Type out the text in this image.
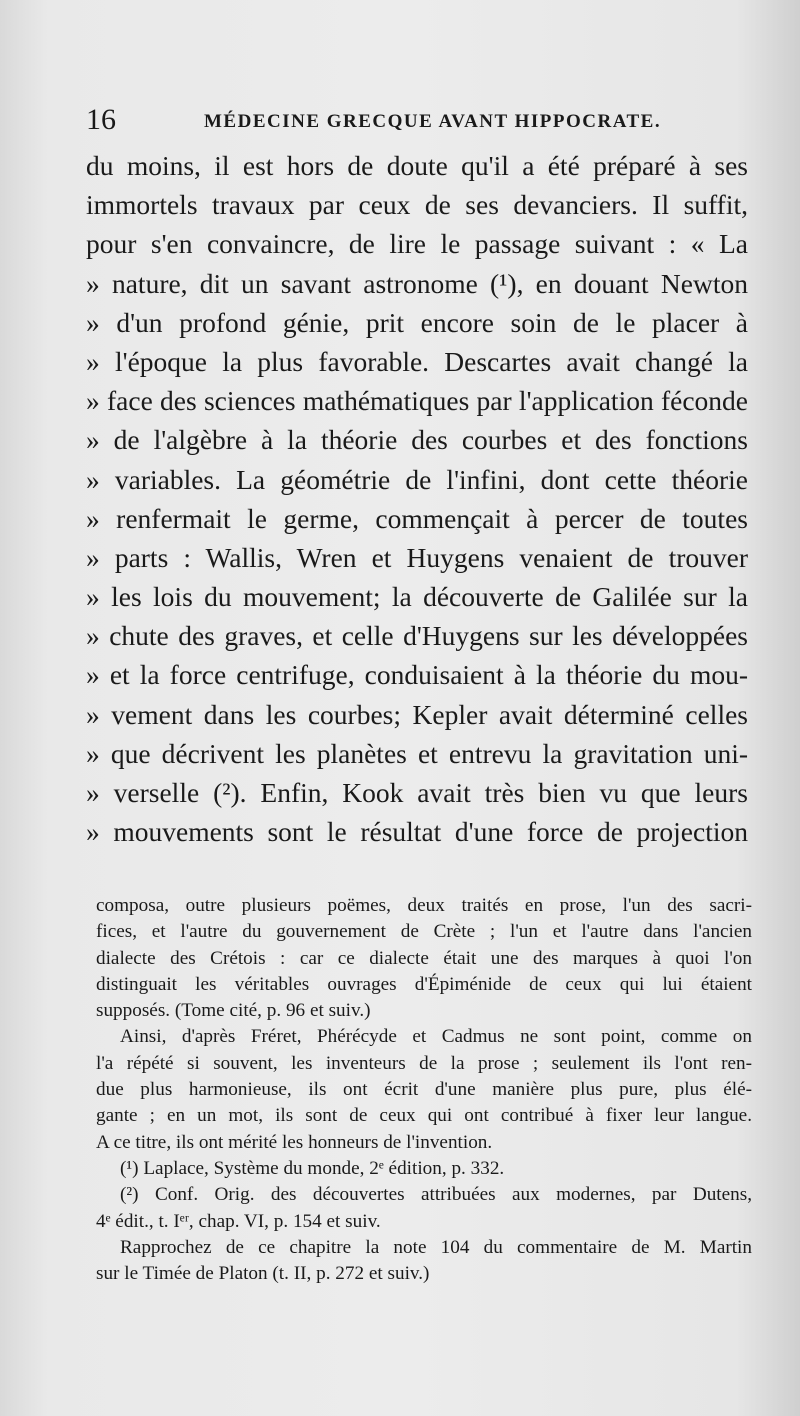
16	MÉDECINE GRECQUE AVANT HIPPOCRATE.
du moins, il est hors de doute qu'il a été préparé à ses
immortels travaux par ceux de ses devanciers. Il suffit,
pour s'en convaincre, de lire le passage suivant : « La
» nature, dit un savant astronome (¹), en douant Newton
» d'un profond génie, prit encore soin de le placer à
» l'époque la plus favorable. Descartes avait changé la
» face des sciences mathématiques par l'application féconde
» de l'algèbre à la théorie des courbes et des fonctions
» variables. La géométrie de l'infini, dont cette théorie
» renfermait le germe, commençait à percer de toutes
» parts : Wallis, Wren et Huygens venaient de trouver
» les lois du mouvement; la découverte de Galilée sur la
» chute des graves, et celle d'Huygens sur les développées
» et la force centrifuge, conduisaient à la théorie du mou-
» vement dans les courbes; Kepler avait déterminé celles
» que décrivent les planètes et entrevu la gravitation uni-
» verselle (²). Enfin, Kook avait très bien vu que leurs
» mouvements sont le résultat d'une force de projection
composa, outre plusieurs poëmes, deux traités en prose, l'un des sacri-
fices, et l'autre du gouvernement de Crète ; l'un et l'autre dans l'ancien
dialecte des Crétois : car ce dialecte était une des marques à quoi l'on
distinguait les véritables ouvrages d'Épiménide de ceux qui lui étaient
supposés. (Tome cité, p. 96 et suiv.)
Ainsi, d'après Fréret, Phérécyde et Cadmus ne sont point, comme on
l'a répété si souvent, les inventeurs de la prose ; seulement ils l'ont ren-
due plus harmonieuse, ils ont écrit d'une manière plus pure, plus élé-
gante ; en un mot, ils sont de ceux qui ont contribué à fixer leur langue.
A ce titre, ils ont mérité les honneurs de l'invention.
(¹) Laplace, Système du monde, 2ᵉ édition, p. 332.
(²) Conf. Orig. des découvertes attribuées aux modernes, par Dutens,
4ᵉ édit., t. Iᵉʳ, chap. VI, p. 154 et suiv.
Rapprochez de ce chapitre la note 104 du commentaire de M. Martin
sur le Timée de Platon (t. II, p. 272 et suiv.)
